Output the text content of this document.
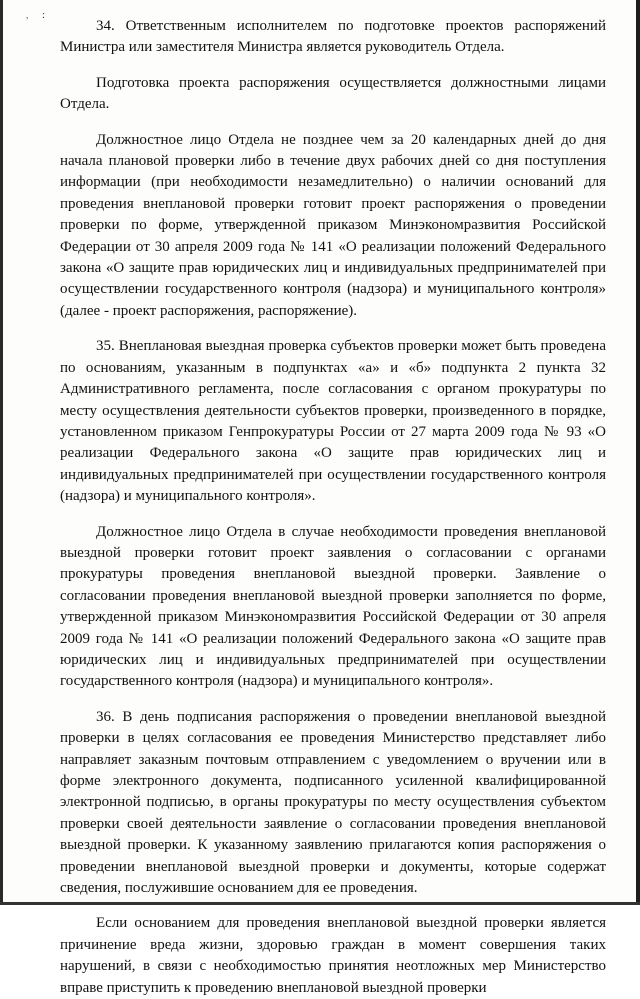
, :

34. Ответственным исполнителем по подготовке проектов распоряжений Министра или заместителя Министра является руководитель Отдела.

Подготовка проекта распоряжения осуществляется должностными лицами Отдела.

Должностное лицо Отдела не позднее чем за 20 календарных дней до дня начала плановой проверки либо в течение двух рабочих дней со дня поступления информации (при необходимости незамедлительно) о наличии оснований для проведения внеплановой проверки готовит проект распоряжения о проведении проверки по форме, утвержденной приказом Минэкономразвития Российской Федерации от 30 апреля 2009 года № 141 «О реализации положений Федерального закона «О защите прав юридических лиц и индивидуальных предпринимателей при осуществлении государственного контроля (надзора) и муниципального контроля» (далее - проект распоряжения, распоряжение).

35. Внеплановая выездная проверка субъектов проверки может быть проведена по основаниям, указанным в подпунктах «а» и «б» подпункта 2 пункта 32 Административного регламента, после согласования с органом прокуратуры по месту осуществления деятельности субъектов проверки, произведенного в порядке, установленном приказом Генпрокуратуры России от 27 марта 2009 года № 93 «О реализации Федерального закона «О защите прав юридических лиц и индивидуальных предпринимателей при осуществлении государственного контроля (надзора) и муниципального контроля».

Должностное лицо Отдела в случае необходимости проведения внеплановой выездной проверки готовит проект заявления о согласовании с органами прокуратуры проведения внеплановой выездной проверки. Заявление о согласовании проведения внеплановой выездной проверки заполняется по форме, утвержденной приказом Минэкономразвития Российской Федерации от 30 апреля 2009 года № 141 «О реализации положений Федерального закона «О защите прав юридических лиц и индивидуальных предпринимателей при осуществлении государственного контроля (надзора) и муниципального контроля».

36. В день подписания распоряжения о проведении внеплановой выездной проверки в целях согласования ее проведения Министерство представляет либо направляет заказным почтовым отправлением с уведомлением о вручении или в форме электронного документа, подписанного усиленной квалифицированной электронной подписью, в органы прокуратуры по месту осуществления субъектом проверки своей деятельности заявление о согласовании проведения внеплановой выездной проверки. К указанному заявлению прилагаются копия распоряжения о проведении внеплановой выездной проверки и документы, которые содержат сведения, послужившие основанием для ее проведения.

Если основанием для проведения внеплановой выездной проверки является причинение вреда жизни, здоровью граждан в момент совершения таких нарушений, в связи с необходимостью принятия неотложных мер Министерство вправе приступить к проведению внеплановой выездной проверки
